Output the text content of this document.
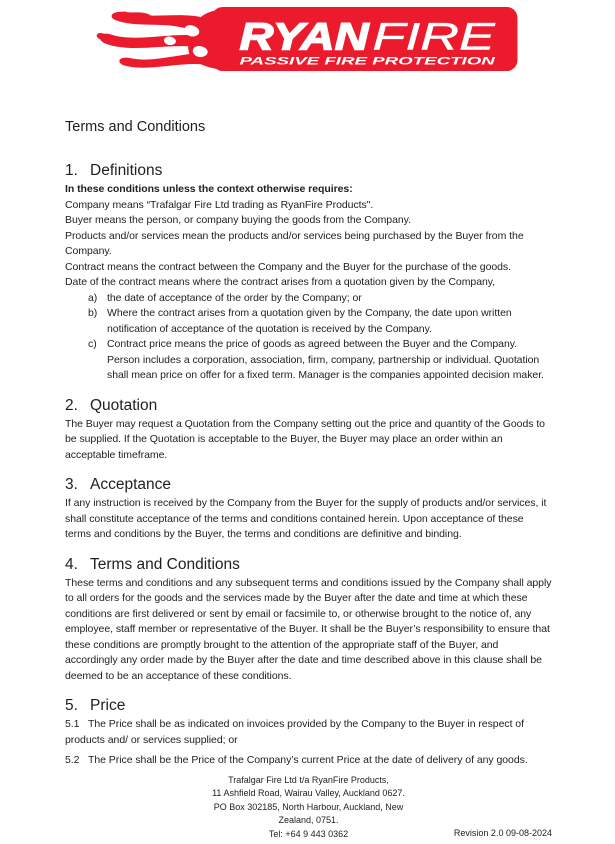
RYAN FIRE
PASSIVE FIRE PROTECTION
Terms and Conditions
1. Definitions

In these conditions unless the context otherwise requires:

Company means “Trafalgar Fire Ltd trading as RyanFire Products".

Buyer means the person, or company buying the goods from the Company.

Products and/or services mean the products and/or services being purchased by the Buyer from the Company.

Contract means the contract between the Company and the Buyer for the purchase of the goods.

Date of the contract means where the contract arises from a quotation given by the Company,

a) the date of acceptance of the order by the Company; or
b) Where the contract arises from a quotation given by the Company, the date upon written notification of acceptance of the quotation is received by the Company.
c) Contract price means the price of goods as agreed between the Buyer and the Company. Person includes a corporation, association, firm, company, partnership or individual. Quotation shall mean price on offer for a fixed term. Manager is the companies appointed decision maker.
2. Quotation

The Buyer may request a Quotation from the Company setting out the price and quantity of the Goods to be supplied. If the Quotation is acceptable to the Buyer, the Buyer may place an order within an acceptable timeframe.

3. Acceptance

If any instruction is received by the Company from the Buyer for the supply of products and/or services, it shall constitute acceptance of the terms and conditions contained herein. Upon acceptance of these terms and conditions by the Buyer, the terms and conditions are definitive and binding.

4. Terms and Conditions

These terms and conditions and any subsequent terms and conditions issued by the Company shall apply to all orders for the goods and the services made by the Buyer after the date and time at which these conditions are first delivered or sent by email or facsimile to, or otherwise brought to the notice of, any employee, staff member or representative of the Buyer. It shall be the Buyer’s responsibility to ensure that these conditions are promptly brought to the attention of the appropriate staff of the Buyer, and accordingly any order made by the Buyer after the date and time described above in this clause shall be deemed to be an acceptance of these conditions.

5. Price

5.1 The Price shall be as indicated on invoices provided by the Company to the Buyer in respect of products and/ or services supplied; or

5.2 The Price shall be the Price of the Company’s current Price at the date of delivery of any goods.

Trafalgar Fire Ltd t/a RyanFire Products,
11 Ashfield Road, Wairau Valley, Auckland 0627.
PO Box 302185, North Harbour, Auckland, New
Zealand, 0751.
Tel: +64 9 443 0362	Revision 2.0 09-08-2024
